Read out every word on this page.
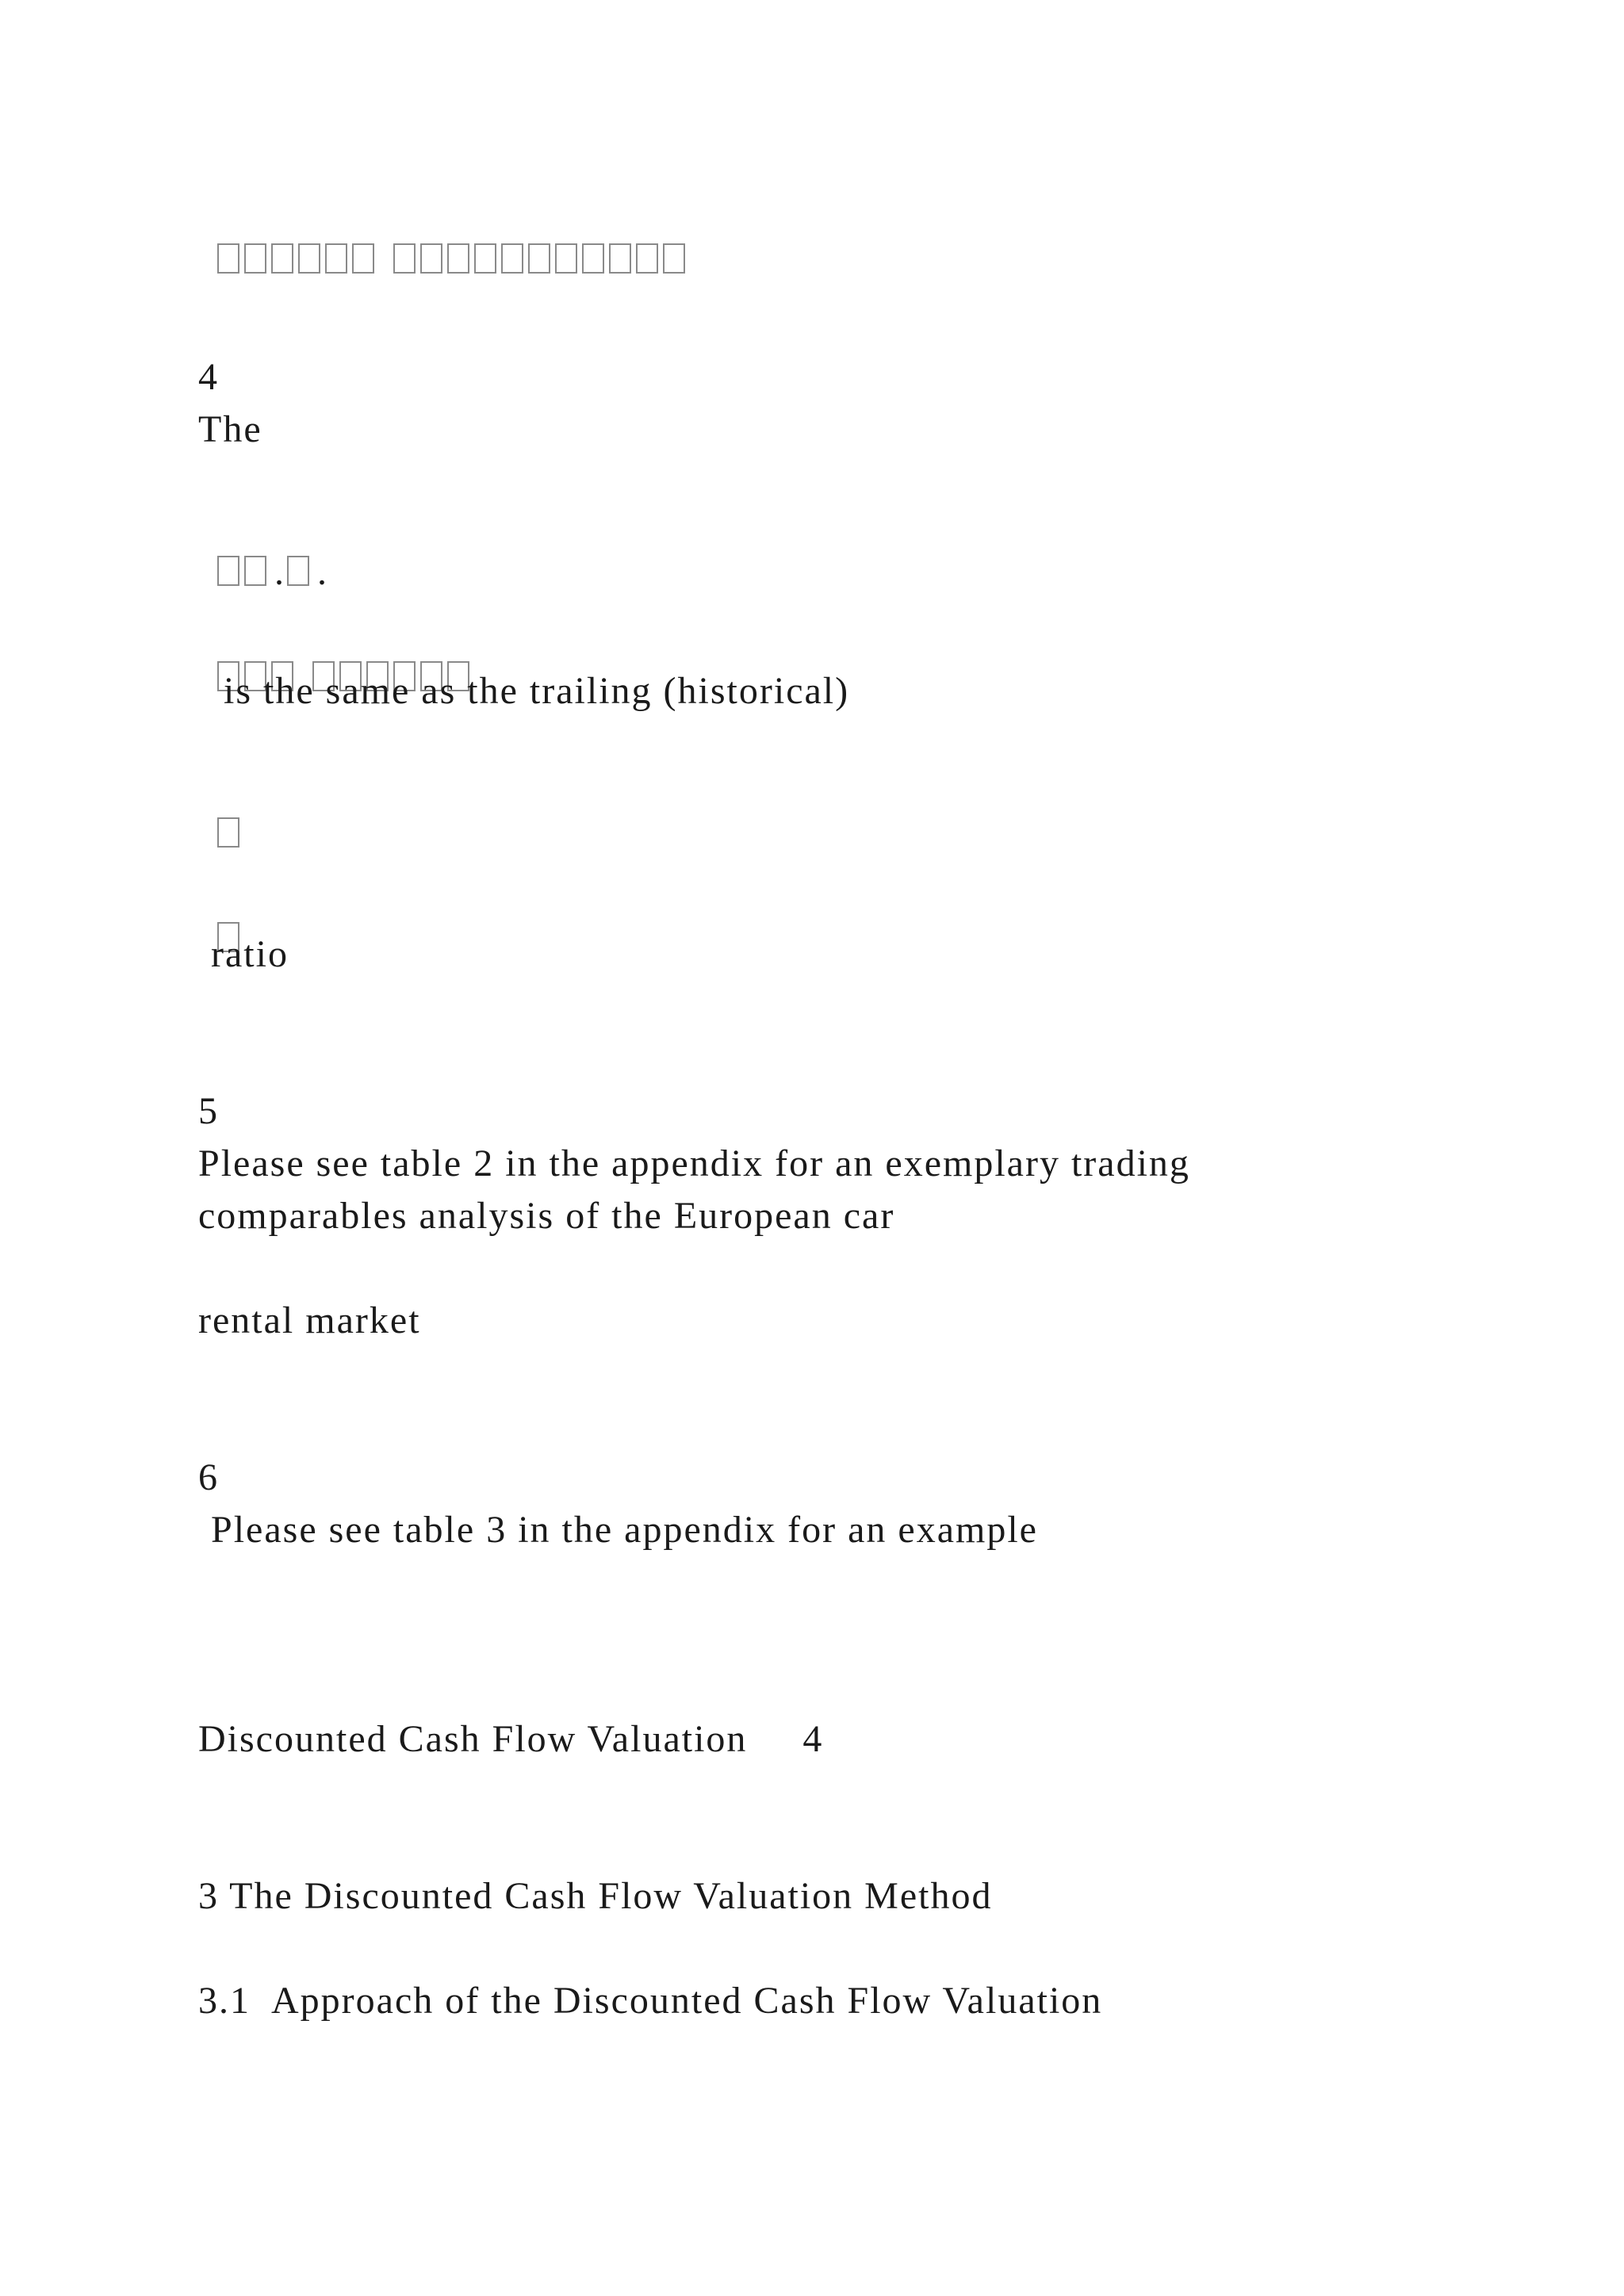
4
The

. .

is the same as the trailing (historical)

ratio
5
Please see table 2 in the appendix for an exemplary trading
comparables analysis of the European car
rental market
6
Please see table 3 in the appendix for an example
Discounted Cash Flow Valuation 4
3 The Discounted Cash Flow Valuation Method
3.1 Approach of the Discounted Cash Flow Valuation
